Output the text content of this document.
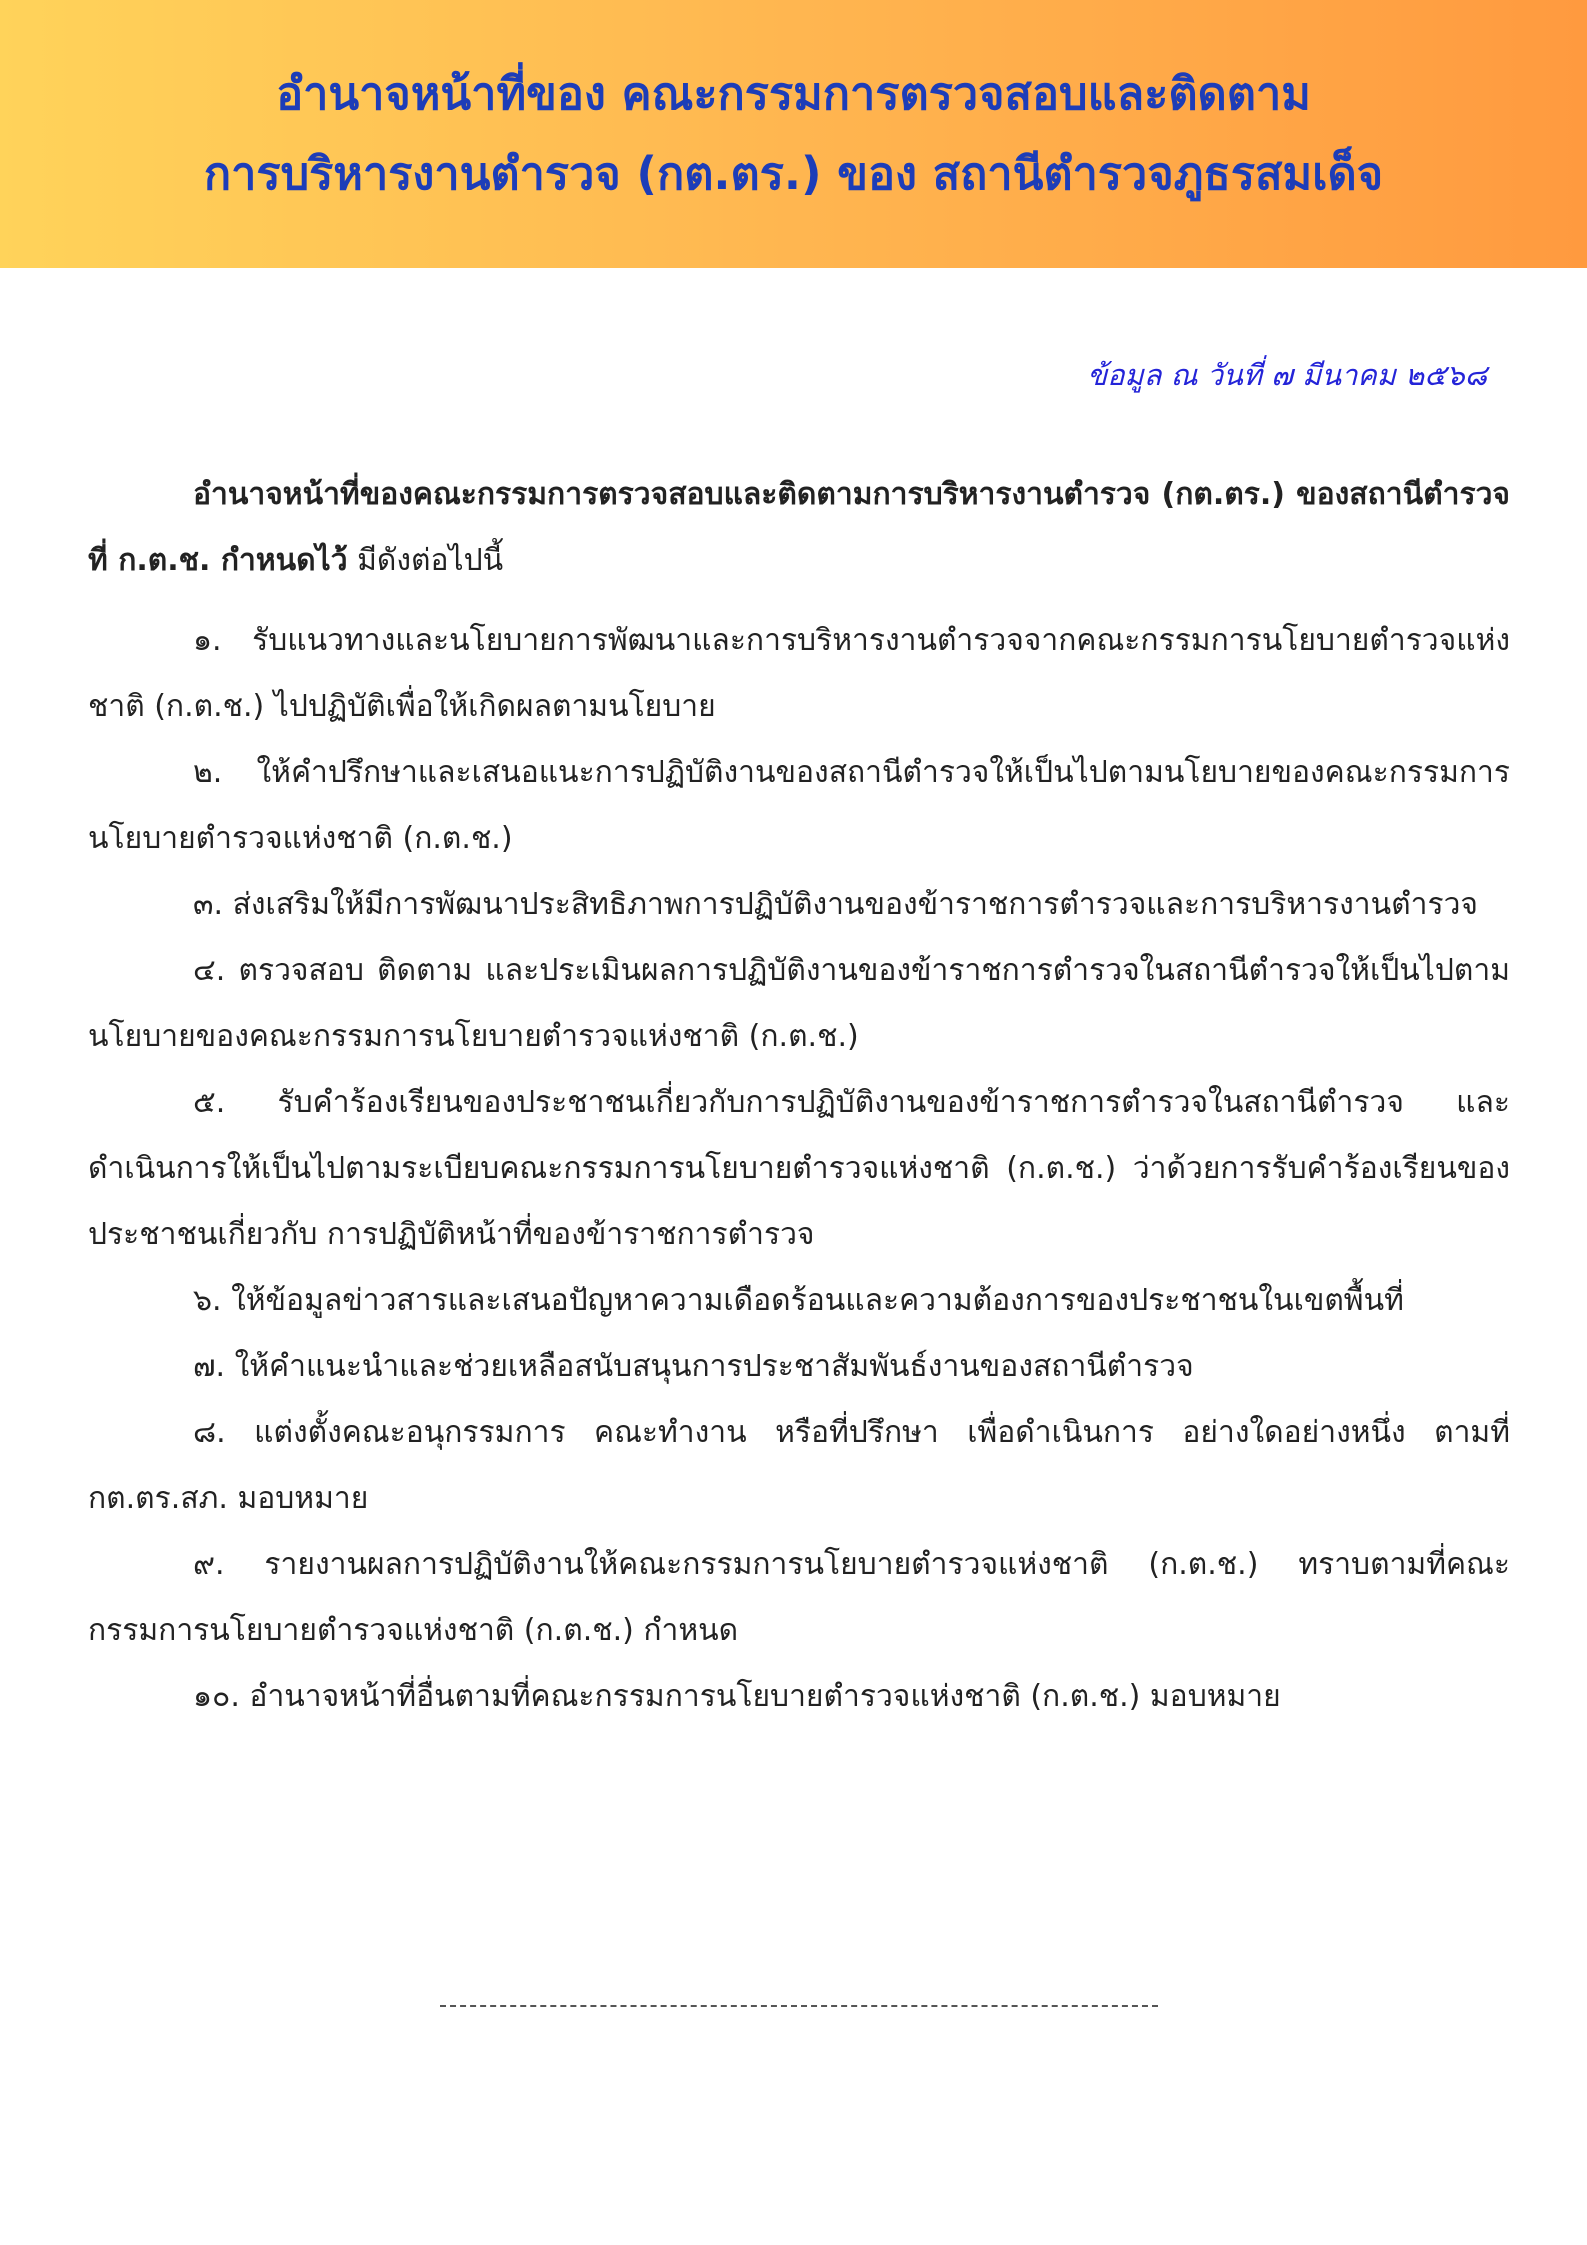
อำนาจหน้าที่ของ คณะกรรมการตรวจสอบและติดตาม
การบริหารงานตำรวจ (กต.ตร.) ของ สถานีตำรวจภูธรสมเด็จ
ข้อมูล ณ วันที่ ๗ มีนาคม ๒๕๖๘

อำนาจหน้าที่ของคณะกรรมการตรวจสอบและติดตามการบริหารงานตำรวจ (กต.ตร.) ของสถานีตำรวจ ที่ ก.ต.ช. กำหนดไว้ มีดังต่อไปนี้

๑. รับแนวทางและนโยบายการพัฒนาและการบริหารงานตำรวจจากคณะกรรมการนโยบายตำรวจแห่งชาติ (ก.ต.ช.) ไปปฏิบัติเพื่อให้เกิดผลตามนโยบาย

๒. ให้คำปรึกษาและเสนอแนะการปฏิบัติงานของสถานีตำรวจให้เป็นไปตามนโยบายของคณะกรรมการนโยบายตำรวจแห่งชาติ (ก.ต.ช.)

๓. ส่งเสริมให้มีการพัฒนาประสิทธิภาพการปฏิบัติงานของข้าราชการตำรวจและการบริหารงานตำรวจ

๔. ตรวจสอบ ติดตาม และประเมินผลการปฏิบัติงานของข้าราชการตำรวจในสถานีตำรวจให้เป็นไปตามนโยบายของคณะกรรมการนโยบายตำรวจแห่งชาติ (ก.ต.ช.)

๕. รับคำร้องเรียนของประชาชนเกี่ยวกับการปฏิบัติงานของข้าราชการตำรวจในสถานีตำรวจ และดำเนินการให้เป็นไปตามระเบียบคณะกรรมการนโยบายตำรวจแห่งชาติ (ก.ต.ช.) ว่าด้วยการรับคำร้องเรียนของประชาชนเกี่ยวกับ การปฏิบัติหน้าที่ของข้าราชการตำรวจ

๖. ให้ข้อมูลข่าวสารและเสนอปัญหาความเดือดร้อนและความต้องการของประชาชนในเขตพื้นที่

๗. ให้คำแนะนำและช่วยเหลือสนับสนุนการประชาสัมพันธ์งานของสถานีตำรวจ

๘. แต่งตั้งคณะอนุกรรมการ คณะทำงาน หรือที่ปรึกษา เพื่อดำเนินการ อย่างใดอย่างหนึ่ง ตามที่ กต.ตร.สภ. มอบหมาย

๙. รายงานผลการปฏิบัติงานให้คณะกรรมการนโยบายตำรวจแห่งชาติ (ก.ต.ช.) ทราบตามที่คณะกรรมการนโยบายตำรวจแห่งชาติ (ก.ต.ช.) กำหนด

๑๐. อำนาจหน้าที่อื่นตามที่คณะกรรมการนโยบายตำรวจแห่งชาติ (ก.ต.ช.) มอบหมาย
